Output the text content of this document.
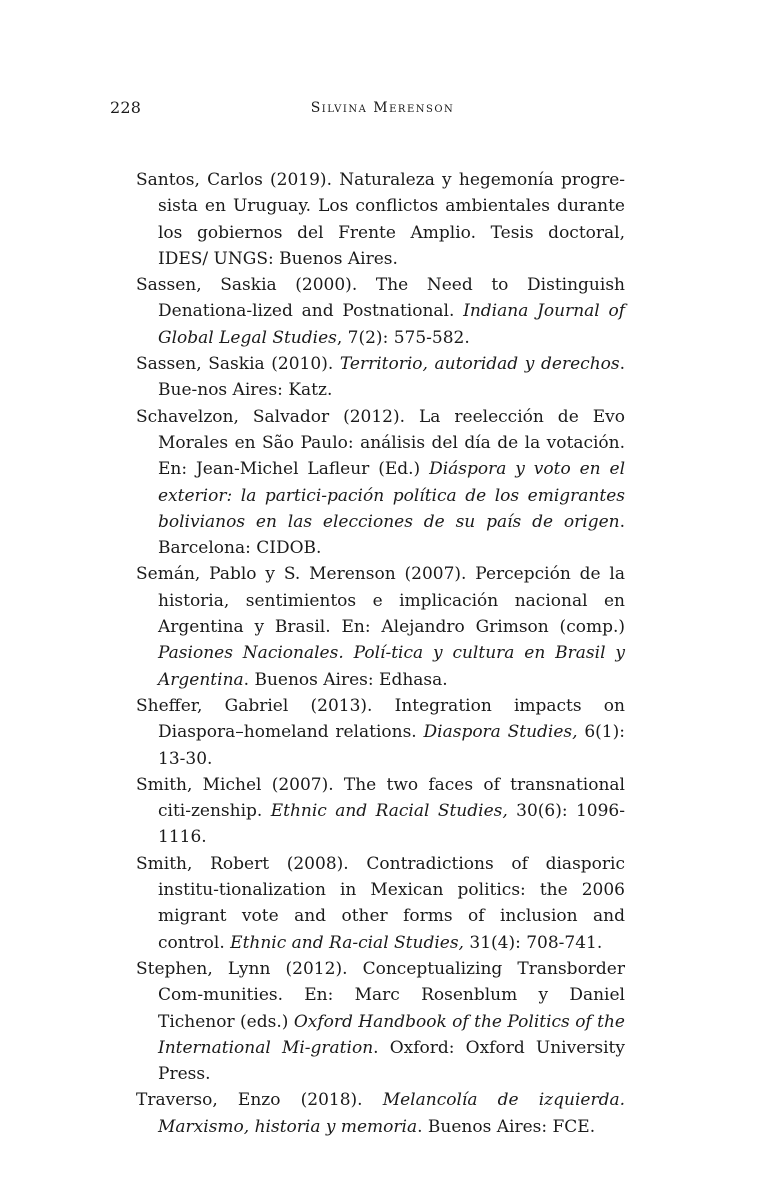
228	Silvina Merenson
Santos, Carlos (2019). Naturaleza y hegemonía progre-sista en Uruguay. Los conflictos ambientales durante los gobiernos del Frente Amplio. Tesis doctoral, IDES/ UNGS: Buenos Aires.
Sassen, Saskia (2000). The Need to Distinguish Denationa-lized and Postnational. Indiana Journal of Global Legal Studies, 7(2): 575-582.
Sassen, Saskia (2010). Territorio, autoridad y derechos. Bue-nos Aires: Katz.
Schavelzon, Salvador (2012). La reelección de Evo Morales en São Paulo: análisis del día de la votación. En: Jean-Michel Lafleur (Ed.) Diáspora y voto en el exterior: la partici-pación política de los emigrantes bolivianos en las elecciones de su país de origen. Barcelona: CIDOB.
Semán, Pablo y S. Merenson (2007). Percepción de la historia, sentimientos e implicación nacional en Argentina y Brasil. En: Alejandro Grimson (comp.) Pasiones Nacionales. Polí-tica y cultura en Brasil y Argentina. Buenos Aires: Edhasa.
Sheffer, Gabriel (2013). Integration impacts on Diaspora–homeland relations. Diaspora Studies, 6(1): 13-30.
Smith, Michel (2007). The two faces of transnational citi-zenship. Ethnic and Racial Studies, 30(6): 1096-1116.
Smith, Robert (2008). Contradictions of diasporic institu-tionalization in Mexican politics: the 2006 migrant vote and other forms of inclusion and control. Ethnic and Ra-cial Studies, 31(4): 708-741.
Stephen, Lynn (2012). Conceptualizing Transborder Com-munities. En: Marc Rosenblum y Daniel Tichenor (eds.) Oxford Handbook of the Politics of the International Mi-gration. Oxford: Oxford University Press.
Traverso, Enzo (2018). Melancolía de izquierda. Marxismo, historia y memoria. Buenos Aires: FCE.
